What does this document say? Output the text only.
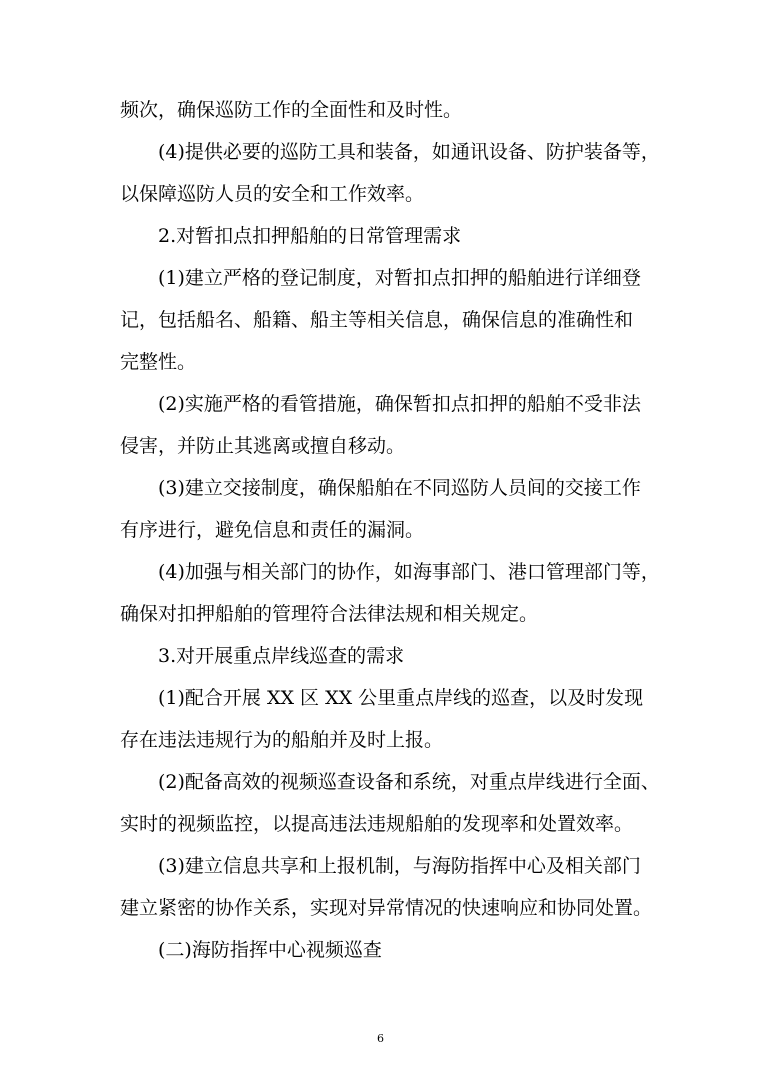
频次，确保巡防工作的全面性和及时性。
(4)提供必要的巡防工具和装备，如通讯设备、防护装备等，
以保障巡防人员的安全和工作效率。
2.对暂扣点扣押船舶的日常管理需求
(1)建立严格的登记制度，对暂扣点扣押的船舶进行详细登
记，包括船名、船籍、船主等相关信息，确保信息的准确性和
完整性。
(2)实施严格的看管措施，确保暂扣点扣押的船舶不受非法
侵害，并防止其逃离或擅自移动。
(3)建立交接制度，确保船舶在不同巡防人员间的交接工作
有序进行，避免信息和责任的漏洞。
(4)加强与相关部门的协作，如海事部门、港口管理部门等，
确保对扣押船舶的管理符合法律法规和相关规定。
3.对开展重点岸线巡查的需求
(1)配合开展 XX 区 XX 公里重点岸线的巡查，以及时发现
存在违法违规行为的船舶并及时上报。
(2)配备高效的视频巡查设备和系统，对重点岸线进行全面、
实时的视频监控，以提高违法违规船舶的发现率和处置效率。
(3)建立信息共享和上报机制，与海防指挥中心及相关部门
建立紧密的协作关系，实现对异常情况的快速响应和协同处置。
(二)海防指挥中心视频巡查
6
